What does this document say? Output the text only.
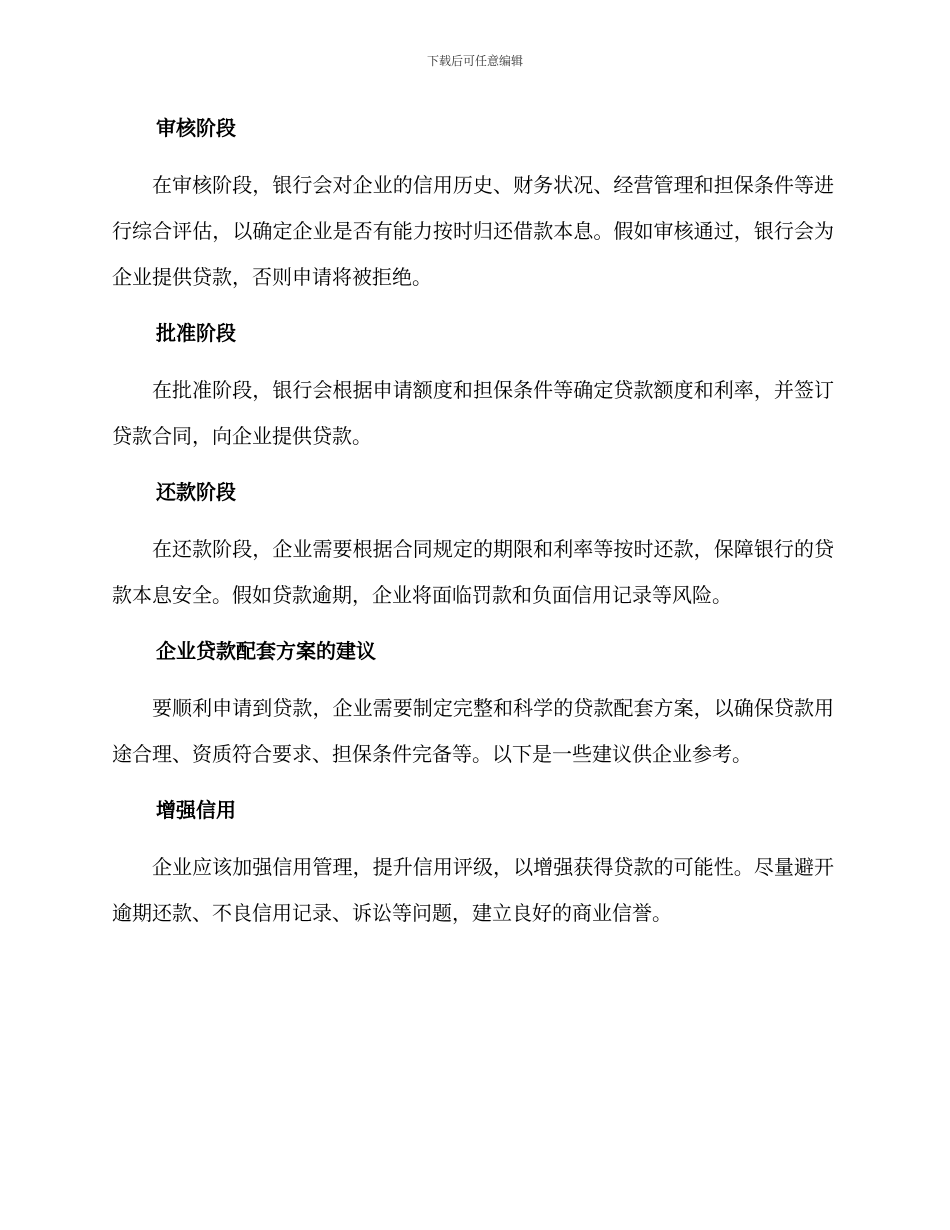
下载后可任意编辑
审核阶段

在审核阶段，银行会对企业的信用历史、财务状况、经营管理和担保条件等进行综合评估，以确定企业是否有能力按时归还借款本息。假如审核通过，银行会为企业提供贷款，否则申请将被拒绝。

批准阶段

在批准阶段，银行会根据申请额度和担保条件等确定贷款额度和利率，并签订贷款合同，向企业提供贷款。

还款阶段

在还款阶段，企业需要根据合同规定的期限和利率等按时还款，保障银行的贷款本息安全。假如贷款逾期，企业将面临罚款和负面信用记录等风险。

企业贷款配套方案的建议

要顺利申请到贷款，企业需要制定完整和科学的贷款配套方案，以确保贷款用途合理、资质符合要求、担保条件完备等。以下是一些建议供企业参考。

增强信用

企业应该加强信用管理，提升信用评级，以增强获得贷款的可能性。尽量避开逾期还款、不良信用记录、诉讼等问题，建立良好的商业信誉。
